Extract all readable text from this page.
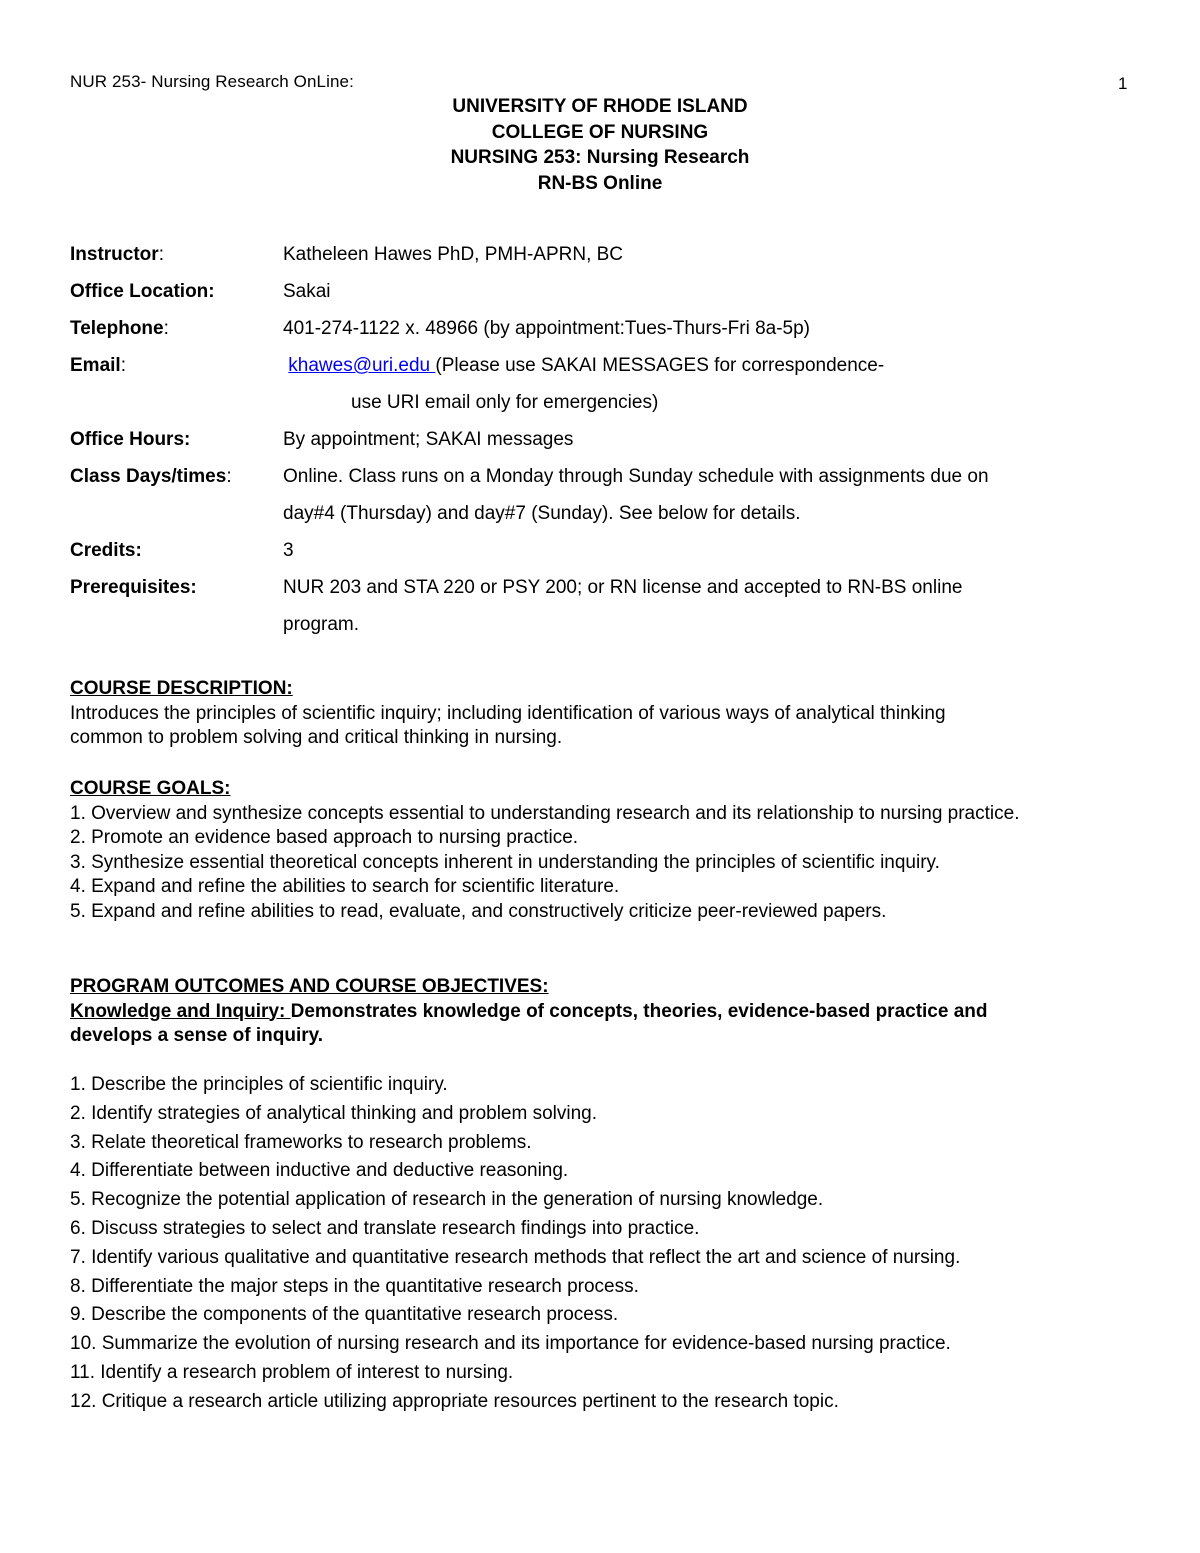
NUR 253- Nursing Research OnLine:	1
UNIVERSITY OF RHODE ISLAND
COLLEGE OF NURSING
NURSING 253: Nursing Research
RN-BS Online
Instructor:	Katheleen Hawes PhD, PMH-APRN, BC
Office Location:	Sakai
Telephone:	401-274-1122 x. 48966 (by appointment:Tues-Thurs-Fri 8a-5p)
Email:	khawes@uri.edu (Please use SAKAI MESSAGES for correspondence-
use URI email only for emergencies)
Office Hours:	By appointment; SAKAI messages
Class Days/times:	Online. Class runs on a Monday through Sunday schedule with assignments due on
day#4 (Thursday) and day#7 (Sunday). See below for details.
Credits:	3
Prerequisites:	NUR 203 and STA 220 or PSY 200; or RN license and accepted to RN-BS online
program.
COURSE DESCRIPTION:

Introduces the principles of scientific inquiry; including identification of various ways of analytical thinking

common to problem solving and critical thinking in nursing.

COURSE GOALS:
1. Overview and synthesize concepts essential to understanding research and its relationship to nursing practice.
2. Promote an evidence based approach to nursing practice.
3. Synthesize essential theoretical concepts inherent in understanding the principles of scientific inquiry.
4. Expand and refine the abilities to search for scientific literature.
5. Expand and refine abilities to read, evaluate, and constructively criticize peer-reviewed papers.
PROGRAM OUTCOMES AND COURSE OBJECTIVES:
Knowledge and Inquiry: Demonstrates knowledge of concepts, theories, evidence-based practice and
develops a sense of inquiry.
1. Describe the principles of scientific inquiry.
2. Identify strategies of analytical thinking and problem solving.
3. Relate theoretical frameworks to research problems.
4. Differentiate between inductive and deductive reasoning.
5. Recognize the potential application of research in the generation of nursing knowledge.
6. Discuss strategies to select and translate research findings into practice.
7. Identify various qualitative and quantitative research methods that reflect the art and science of nursing.
8. Differentiate the major steps in the quantitative research process.
9. Describe the components of the quantitative research process.
10. Summarize the evolution of nursing research and its importance for evidence-based nursing practice.
11. Identify a research problem of interest to nursing.
12. Critique a research article utilizing appropriate resources pertinent to the research topic.
